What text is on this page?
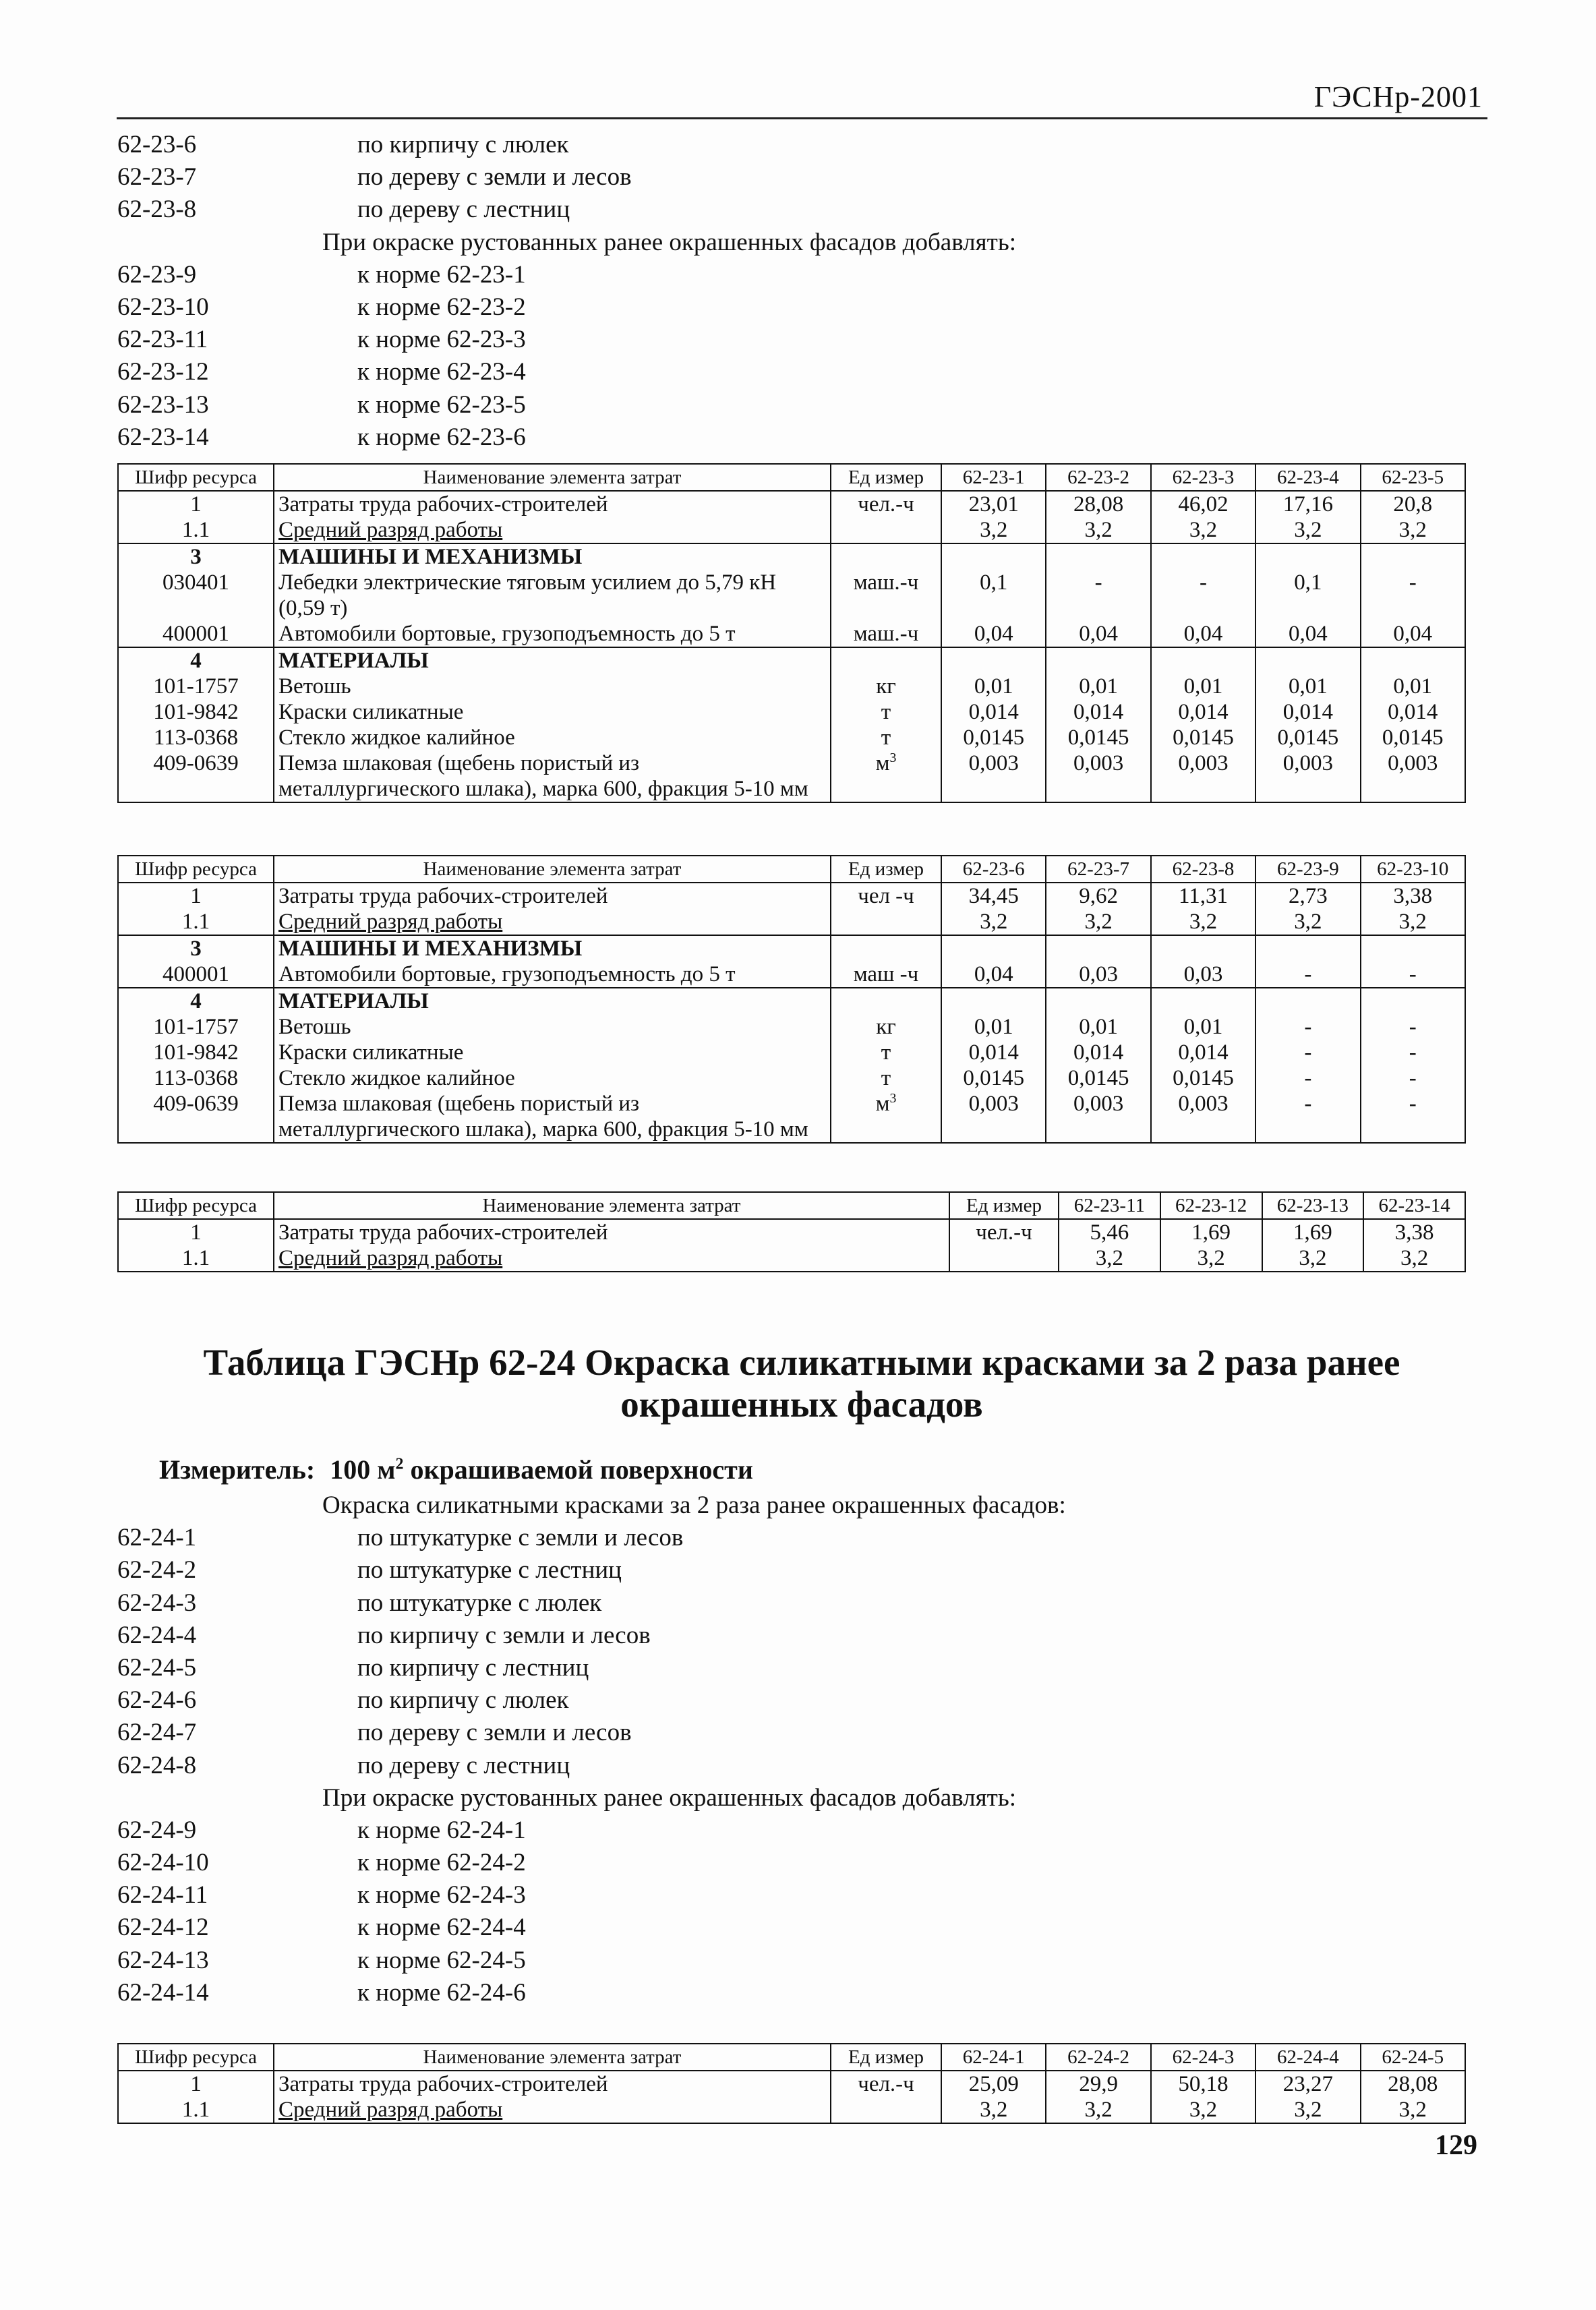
ГЭСНр-2001
62-23-6	по кирпичу с люлек
62-23-7	по дереву с земли и лесов
62-23-8	по дереву с лестниц
При окраске рустованных ранее окрашенных фасадов добавлять:
62-23-9	к норме 62-23-1
62-23-10	к норме 62-23-2
62-23-11	к норме 62-23-3
62-23-12	к норме 62-23-4
62-23-13	к норме 62-23-5
62-23-14	к норме 62-23-6
Шифр ресурса	Наименование элемента затрат	Ед измер	62-23-1	62-23-2	62-23-3	62-23-4	62-23-5
1	Затраты труда рабочих-строителей	чел.-ч	23,01	28,08	46,02	17,16	20,8
1.1	Средний разряд работы		3,2	3,2	3,2	3,2	3,2
3	МАШИНЫ И МЕХАНИЗМЫ						
030401	Лебедки электрические тяговым усилием до 5,79 кН (0,59 т)	маш.-ч	0,1	-	-	0,1	-
400001	Автомобили бортовые, грузоподъемность до 5 т	маш.-ч	0,04	0,04	0,04	0,04	0,04
4	МАТЕРИАЛЫ						
101-1757	Ветошь	кг	0,01	0,01	0,01	0,01	0,01
101-9842	Краски силикатные	т	0,014	0,014	0,014	0,014	0,014
113-0368	Стекло жидкое калийное	т	0,0145	0,0145	0,0145	0,0145	0,0145
409-0639	Пемза шлаковая (щебень пористый из металлургического шлака), марка 600, фракция 5-10 мм	$м^3$	0,003	0,003	0,003	0,003	0,003
Шифр ресурса	Наименование элемента затрат	Ед измер	62-23-6	62-23-7	62-23-8	62-23-9	62-23-10
1	Затраты труда рабочих-строителей	чел -ч	34,45	9,62	11,31	2,73	3,38
1.1	Средний разряд работы		3,2	3,2	3,2	3,2	3,2
3	МАШИНЫ И МЕХАНИЗМЫ						
400001	Автомобили бортовые, грузоподъемность до 5 т	маш -ч	0,04	0,03	0,03	-	-
4	МАТЕРИАЛЫ						
101-1757	Ветошь	кг	0,01	0,01	0,01	-	-
101-9842	Краски силикатные	т	0,014	0,014	0,014	-	-
113-0368	Стекло жидкое калийное	т	0,0145	0,0145	0,0145	-	-
409-0639	Пемза шлаковая (щебень пористый из металлургического шлака), марка 600, фракция 5-10 мм	$м^3$	0,003	0,003	0,003	-	-
Шифр ресурса	Наименование элемента затрат	Ед измер	62-23-11	62-23-12	62-23-13	62-23-14
1	Затраты труда рабочих-строителей	чел.-ч	5,46	1,69	1,69	3,38
1.1	Средний разряд работы		3,2	3,2	3,2	3,2
Таблица ГЭСНр 62-24 Окраска силикатными красками за 2 раза ранее окрашенных фасадов
Измеритель: 100 $м^2$ окрашиваемой поверхности
Окраска силикатными красками за 2 раза ранее окрашенных фасадов:
62-24-1	по штукатурке с земли и лесов
62-24-2	по штукатурке с лестниц
62-24-3	по штукатурке с люлек
62-24-4	по кирпичу с земли и лесов
62-24-5	по кирпичу с лестниц
62-24-6	по кирпичу с люлек
62-24-7	по дереву с земли и лесов
62-24-8	по дереву с лестниц
При окраске рустованных ранее окрашенных фасадов добавлять:
62-24-9	к норме 62-24-1
62-24-10	к норме 62-24-2
62-24-11	к норме 62-24-3
62-24-12	к норме 62-24-4
62-24-13	к норме 62-24-5
62-24-14	к норме 62-24-6
Шифр ресурса	Наименование элемента затрат	Ед измер	62-24-1	62-24-2	62-24-3	62-24-4	62-24-5
1	Затраты труда рабочих-строителей	чел.-ч	25,09	29,9	50,18	23,27	28,08
1.1	Средний разряд работы		3,2	3,2	3,2	3,2	3,2
129
